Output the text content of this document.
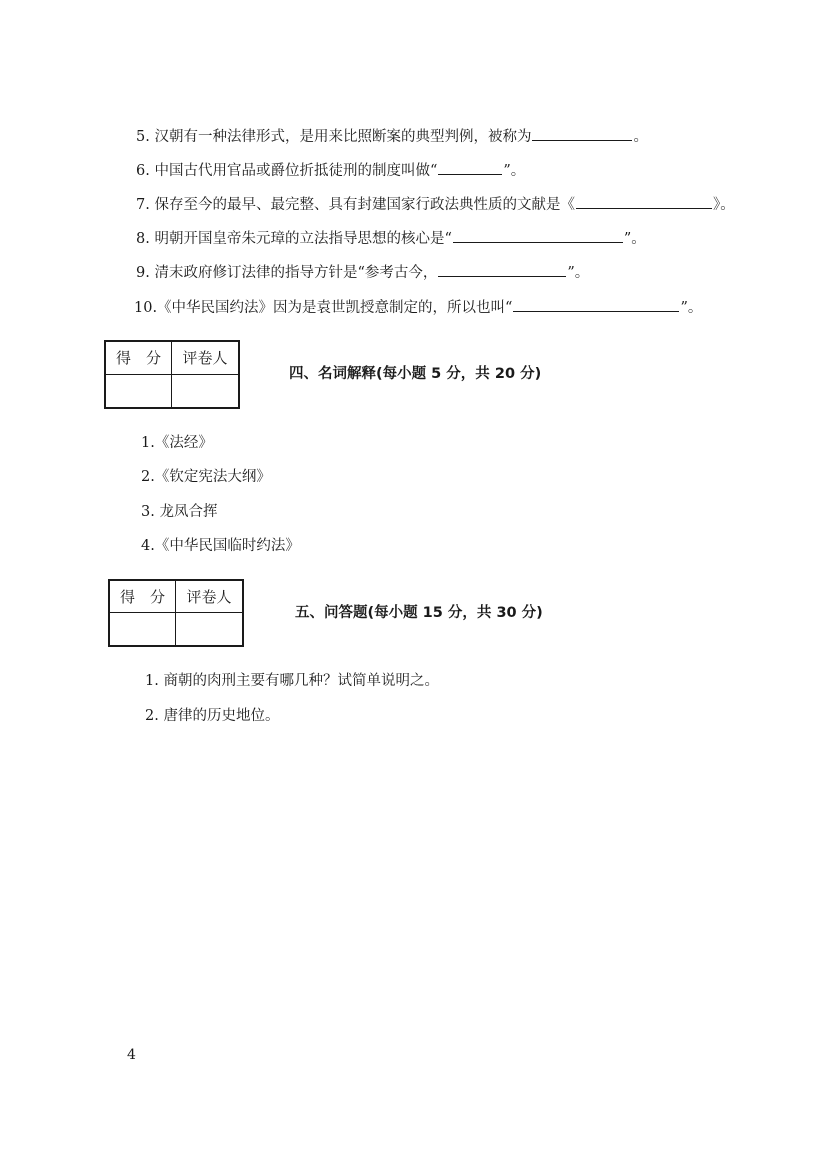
5. 汉朝有一种法律形式，是用来比照断案的典型判例，被称为	。
6. 中国古代用官品或爵位折抵徒刑的制度叫做“	”。
7. 保存至今的最早、最完整、具有封建国家行政法典性质的文献是《	》。
8. 明朝开国皇帝朱元璋的立法指导思想的核心是“	”。
9. 清末政府修订法律的指导方针是“参考古今，	”。
10.《中华民国约法》因为是袁世凯授意制定的，所以也叫“	”。
得　分	评卷人
四、名词解释(每小题 5 分，共 20 分)
1.《法经》
2.《钦定宪法大纲》
3. 龙凤合挥
4.《中华民国临时约法》
得　分	评卷人
五、问答题(每小题 15 分，共 30 分)
1. 商朝的肉刑主要有哪几种？试简单说明之。
2. 唐律的历史地位。
4
